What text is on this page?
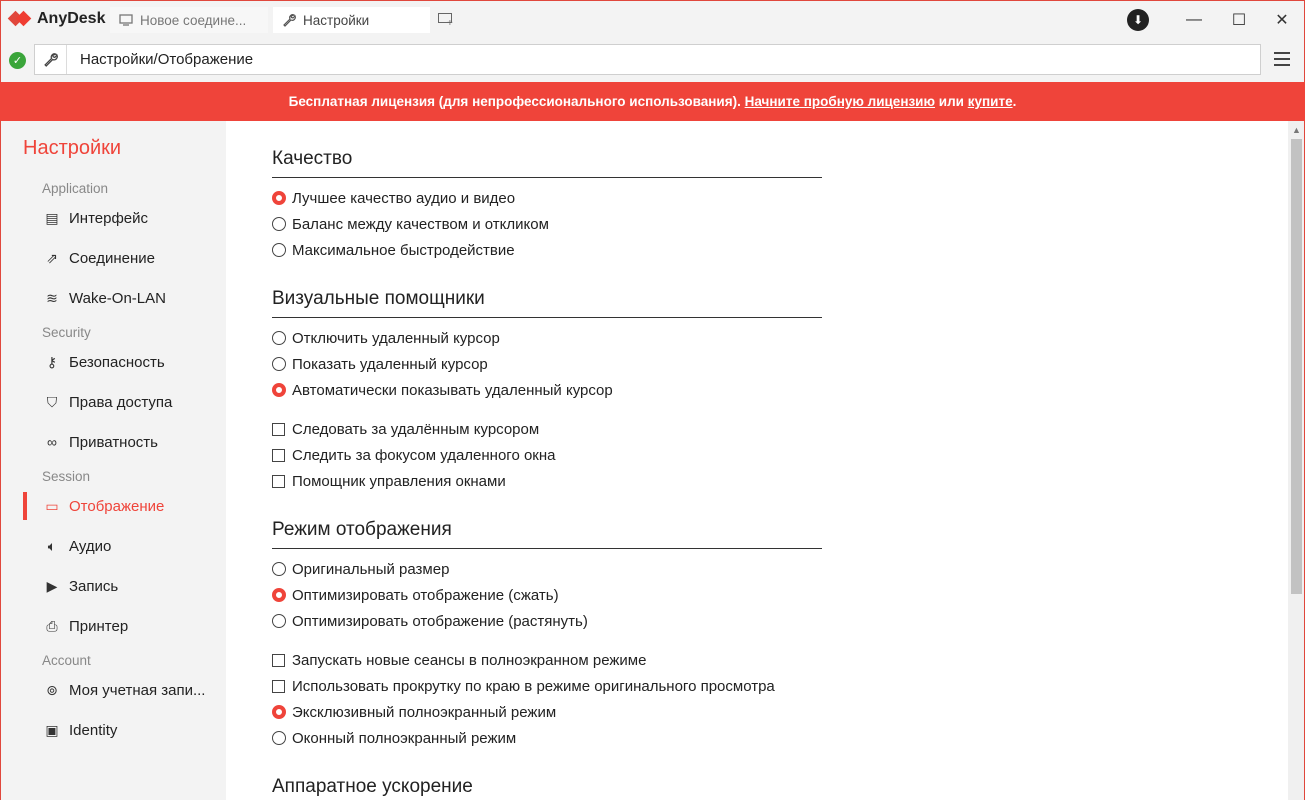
AnyDesk	Новое соедине...	Настройки	+	⬇	—	☐	✕
✓	Настройки/Отображение
Бесплатная лицензия (для непрофессионального использования).
Начните пробную лицензию
или
купите .
Настройки
Application
▤ Интерфейс
⇗ Соединение
≋ Wake-On-LAN
Security
⚷ Безопасность
⛉ Права доступа
∞ Приватность
Session
▭ Отображение
🔈︎ Аудио
▶ Запись
⎙ Принтер
Account
⊚ Моя учетная запи...
▣ Identity
Качество
Лучшее качество аудио и видео
Баланс между качеством и откликом
Максимальное быстродействие
Визуальные помощники
Отключить удаленный курсор
Показать удаленный курсор
Автоматически показывать удаленный курсор
Следовать за удалённым курсором
Следить за фокусом удаленного окна
Помощник управления окнами
Режим отображения
Оригинальный размер
Оптимизировать отображение (сжать)
Оптимизировать отображение (растянуть)
Запускать новые сеансы в полноэкранном режиме
Использовать прокрутку по краю в режиме оригинального просмотра
Эксклюзивный полноэкранный режим
Оконный полноэкранный режим
Аппаратное ускорение
▲
